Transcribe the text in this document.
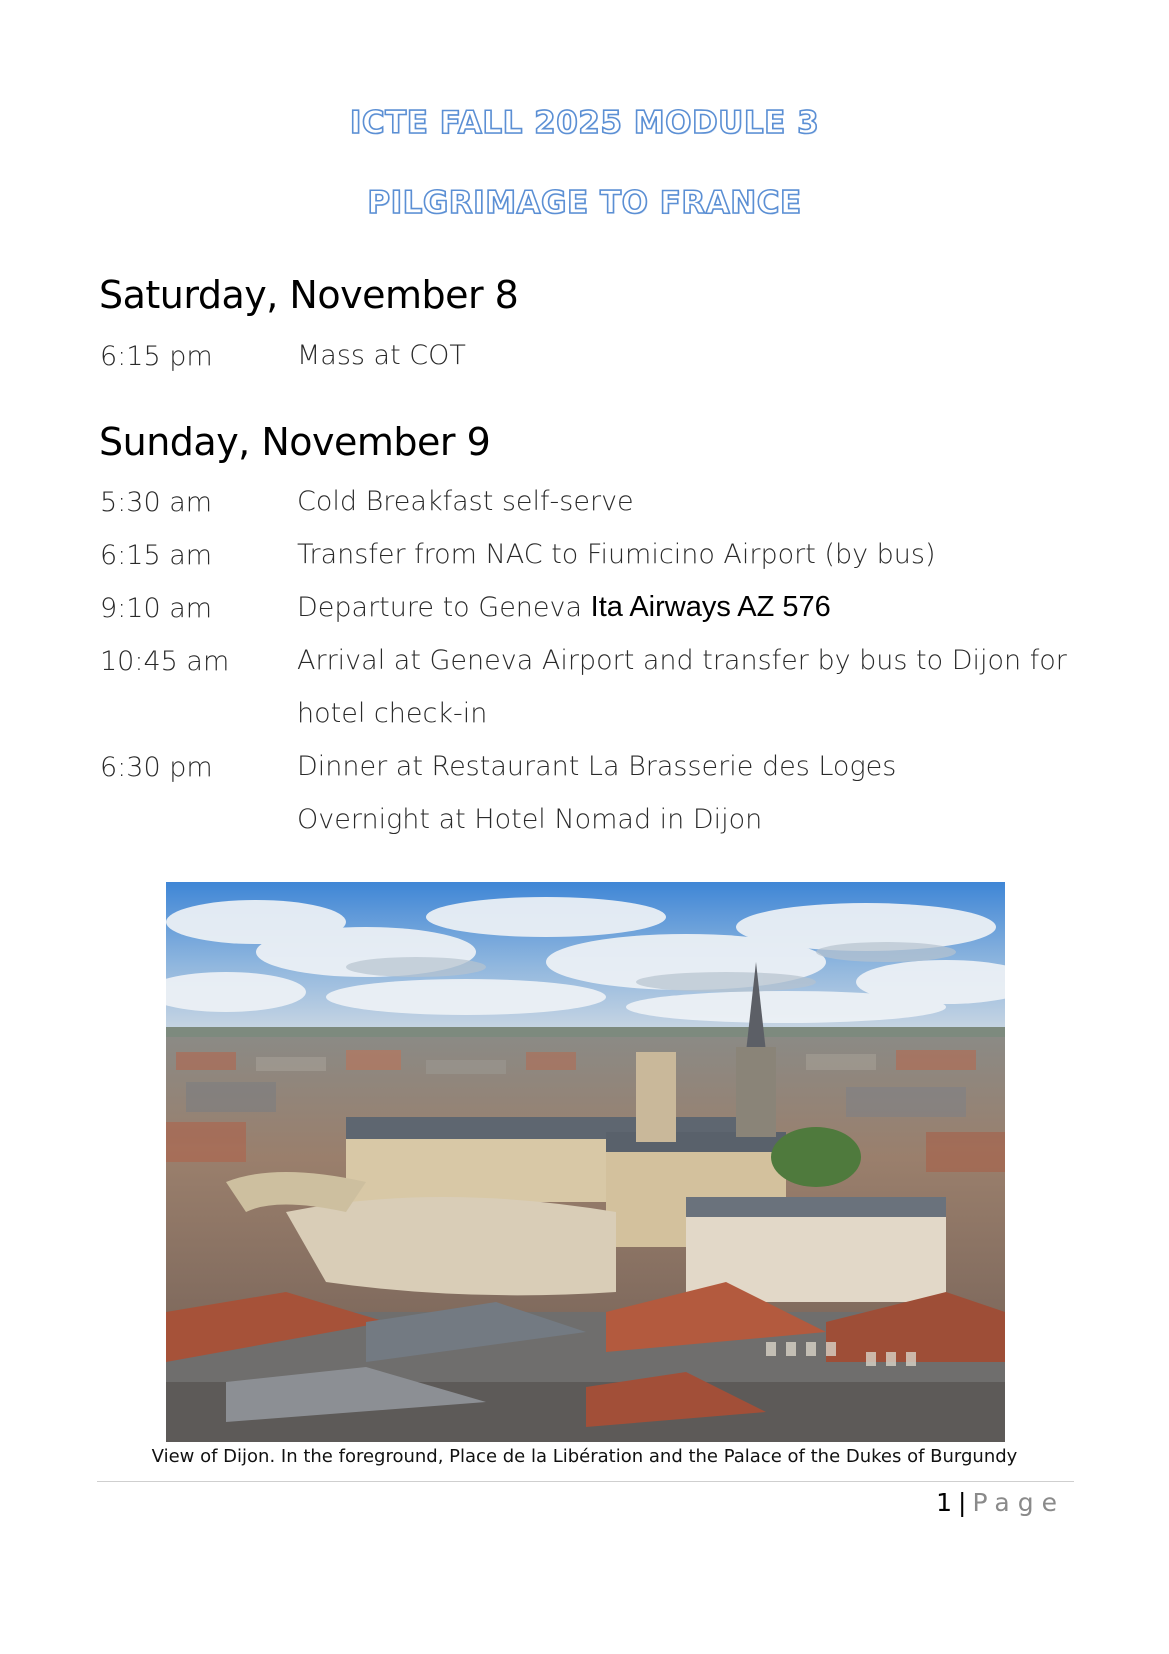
ICTE FALL 2025 MODULE 3
PILGRIMAGE TO FRANCE
Saturday, November 8
6:15 pm	Mass at COT
Sunday, November 9
5:30 am	Cold Breakfast self-serve
6:15 am	Transfer from NAC to Fiumicino Airport (by bus)
9:10 am	Departure to Geneva Ita Airways AZ 576
10:45 am	Arrival at Geneva Airport and transfer by bus to Dijon for hotel check-in
6:30 pm	Dinner at Restaurant La Brasserie des Loges
Overnight at Hotel Nomad in Dijon
View of Dijon. In the foreground, Place de la Libération and the Palace of the Dukes of Burgundy
1 | Page
